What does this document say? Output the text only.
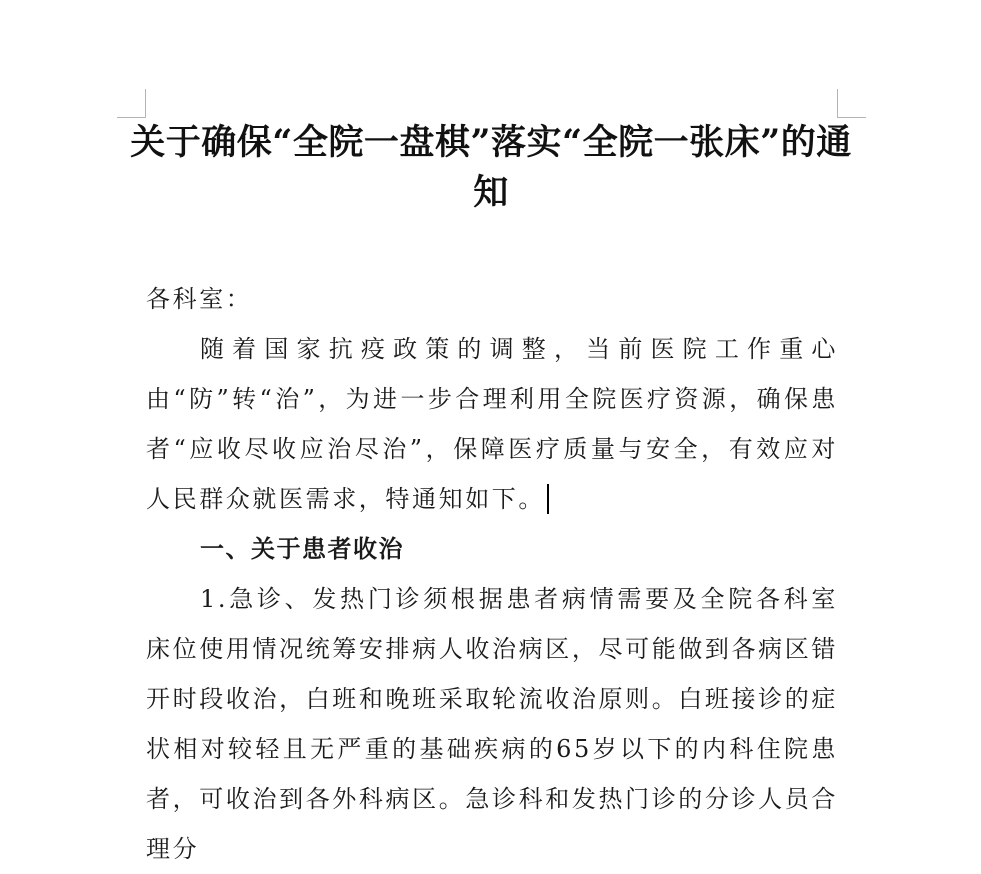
关于确保“全院一盘棋”落实“全院一张床”的通知
各科室：
随着国家抗疫政策的调整，当前医院工作重心由“防”转“治”，为进一步合理利用全院医疗资源，确保患者“应收尽收应治尽治”，保障医疗质量与安全，有效应对人民群众就医需求，特通知如下。
一、关于患者收治
1.急诊、发热门诊须根据患者病情需要及全院各科室床位使用情况统筹安排病人收治病区，尽可能做到各病区错开时段收治，白班和晚班采取轮流收治原则。白班接诊的症状相对较轻且无严重的基础疾病的65岁以下的内科住院患者，可收治到各外科病区。急诊科和发热门诊的分诊人员合理分
